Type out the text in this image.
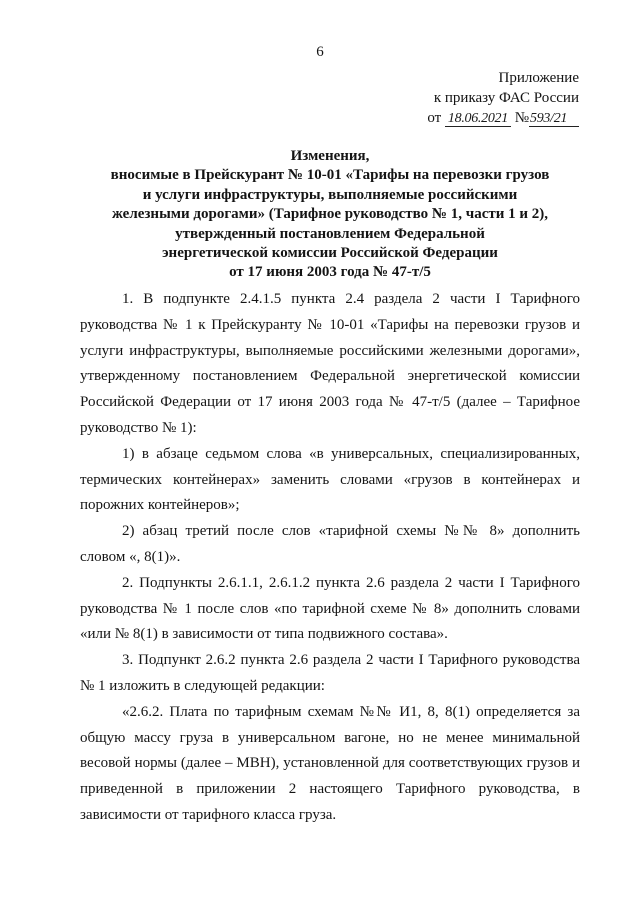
6
Приложение
к приказу ФАС России
от 18.06.2021 №593/21
Изменения,
вносимые в Прейскурант № 10-01 «Тарифы на перевозки грузов
и услуги инфраструктуры, выполняемые российскими
железными дорогами» (Тарифное руководство № 1, части 1 и 2),
утвержденный постановлением Федеральной
энергетической комиссии Российской Федерации
от 17 июня 2003 года № 47-т/5
1. В подпункте 2.4.1.5 пункта 2.4 раздела 2 части I Тарифного
руководства № 1 к Прейскуранту № 10-01 «Тарифы на перевозки грузов и
услуги инфраструктуры, выполняемые российскими железными дорогами»,
утвержденному постановлением Федеральной энергетической комиссии
Российской Федерации от 17 июня 2003 года № 47-т/5 (далее – Тарифное
руководство № 1):
1) в абзаце седьмом слова «в универсальных, специализированных,
термических контейнерах» заменить словами «грузов в контейнерах и
порожних контейнеров»;
2) абзац третий после слов «тарифной схемы №№ 8» дополнить
словом «, 8(1)».
2. Подпункты 2.6.1.1, 2.6.1.2 пункта 2.6 раздела 2 части I Тарифного
руководства № 1 после слов «по тарифной схеме № 8» дополнить словами
«или № 8(1) в зависимости от типа подвижного состава».
3. Подпункт 2.6.2 пункта 2.6 раздела 2 части I Тарифного руководства
№ 1 изложить в следующей редакции:
«2.6.2. Плата по тарифным схемам №№ И1, 8, 8(1) определяется за
общую массу груза в универсальном вагоне, но не менее минимальной
весовой нормы (далее – МВН), установленной для соответствующих грузов и
приведенной в приложении 2 настоящего Тарифного руководства, в
зависимости от тарифного класса груза.
